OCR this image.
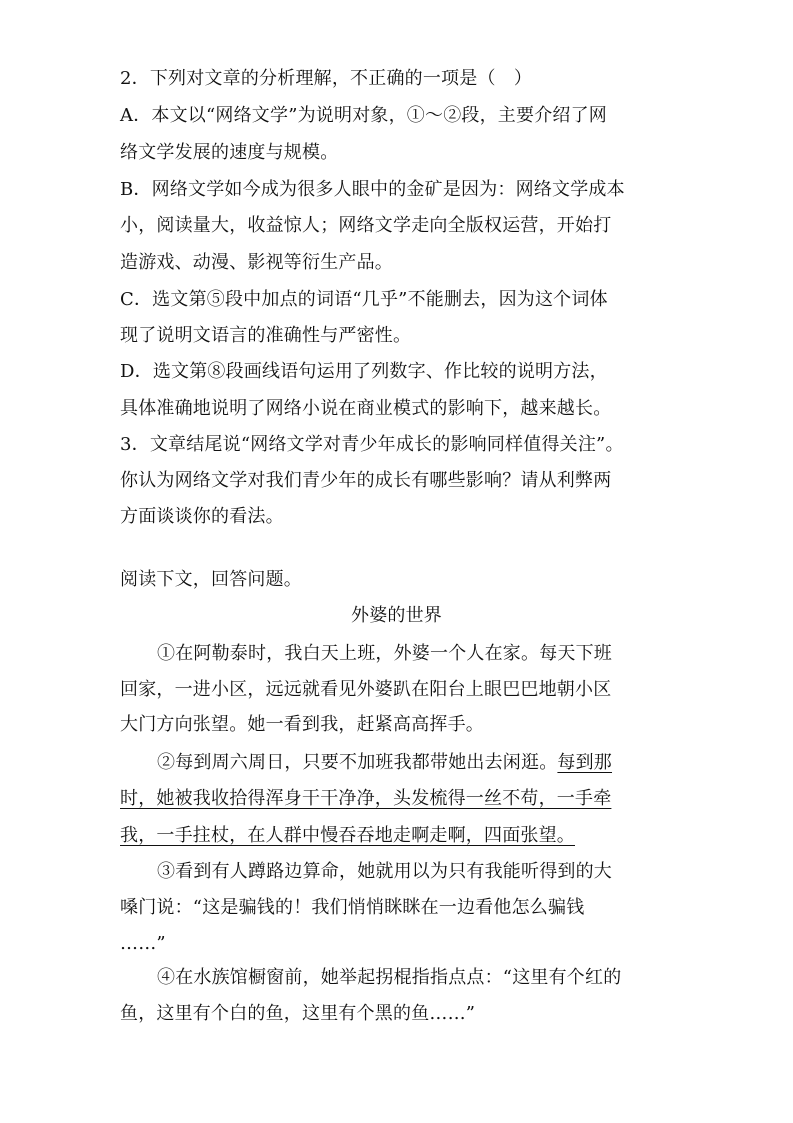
2．下列对文章的分析理解，不正确的一项是（　）
A．本文以“网络文学”为说明对象，①～②段，主要介绍了网
络文学发展的速度与规模。
B．网络文学如今成为很多人眼中的金矿是因为：网络文学成本
小，阅读量大，收益惊人；网络文学走向全版权运营，开始打
造游戏、动漫、影视等衍生产品。
C．选文第⑤段中加点的词语“几乎”不能删去，因为这个词体
现了说明文语言的准确性与严密性。
D．选文第⑧段画线语句运用了列数字、作比较的说明方法，
具体准确地说明了网络小说在商业模式的影响下，越来越长。
3．文章结尾说“网络文学对青少年成长的影响同样值得关注”。
你认为网络文学对我们青少年的成长有哪些影响？请从利弊两
方面谈谈你的看法。
阅读下文，回答问题。
外婆的世界
①在阿勒泰时，我白天上班，外婆一个人在家。每天下班
回家，一进小区，远远就看见外婆趴在阳台上眼巴巴地朝小区
大门方向张望。她一看到我，赶紧高高挥手。
②每到周六周日，只要不加班我都带她出去闲逛。每到那
时，她被我收拾得浑身干干净净，头发梳得一丝不苟，一手牵
我，一手拄杖，在人群中慢吞吞地走啊走啊，四面张望。
③看到有人蹲路边算命，她就用以为只有我能听得到的大
嗓门说：“这是骗钱的！我们悄悄眯眯在一边看他怎么骗钱
……”
④在水族馆橱窗前，她举起拐棍指指点点：“这里有个红的
鱼，这里有个白的鱼，这里有个黑的鱼……”
